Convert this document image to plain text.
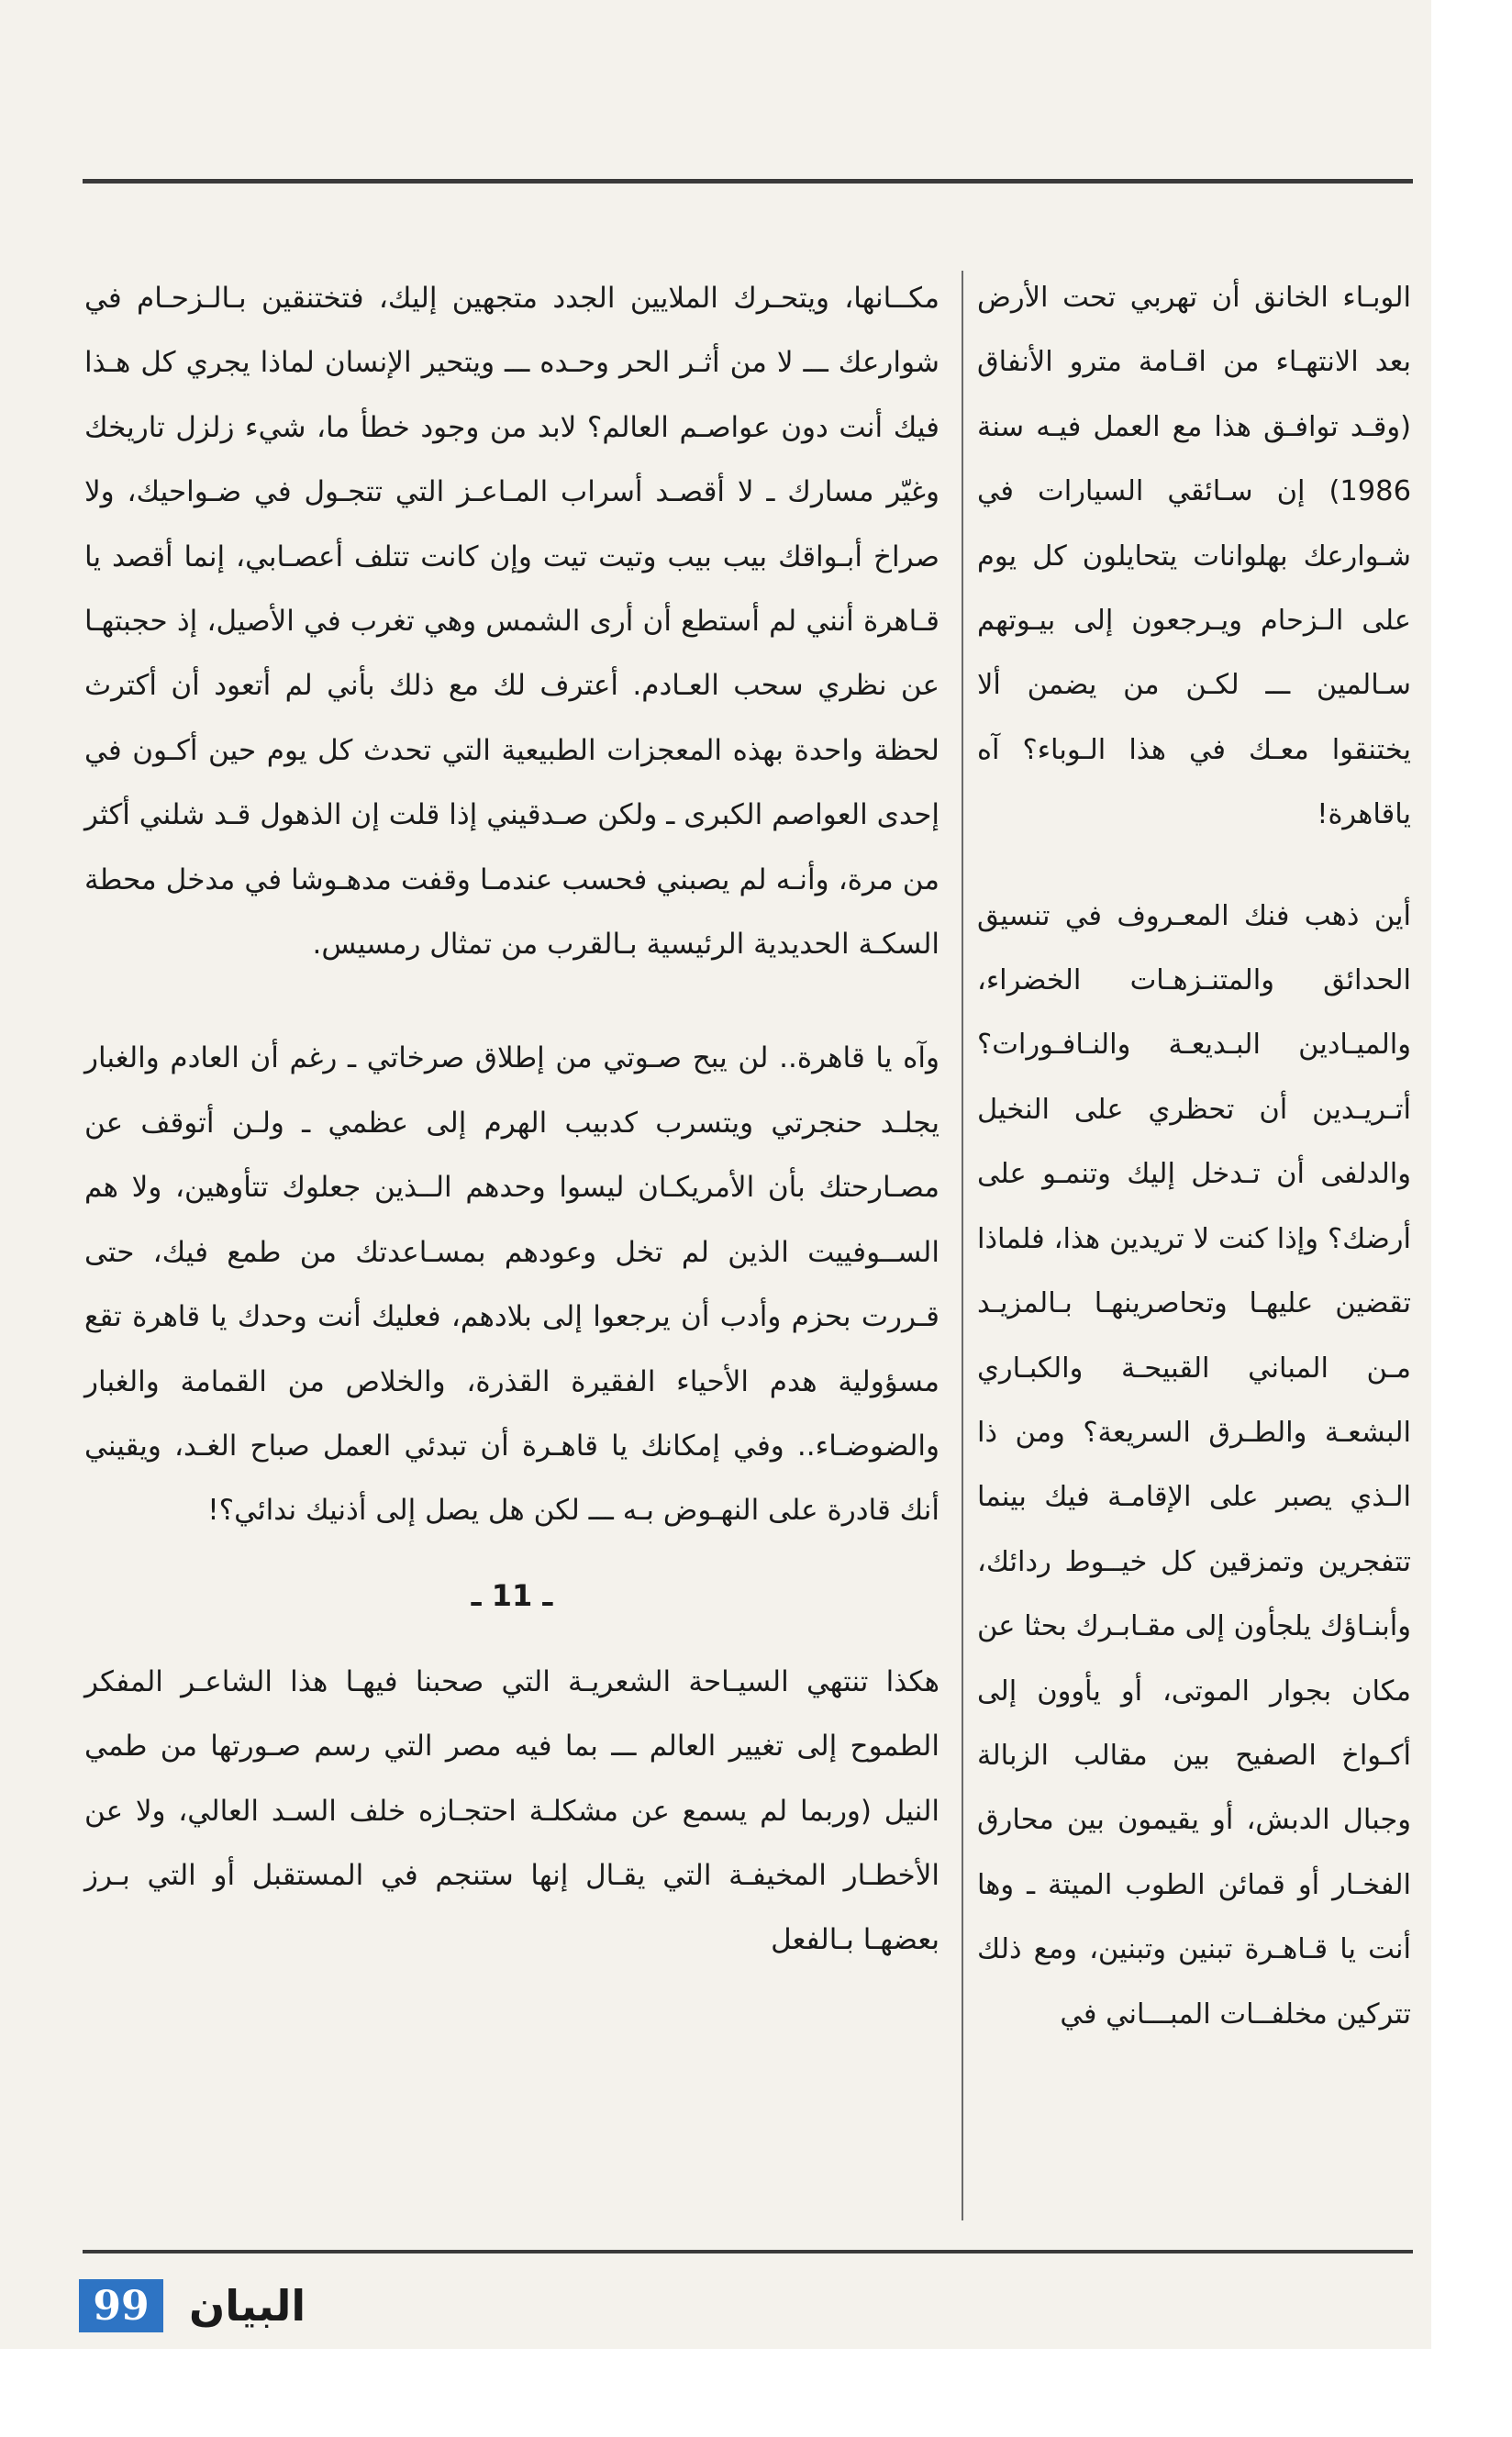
الوبـاء الخانق أن تهربي تحت الأرض بعد الانتهـاء من اقـامة مترو الأنفاق (وقـد توافـق هذا مع العمل فيـه سنة 1986) إن سـائقي السيارات في شـوارعك بهلوانات يتحايلون كل يوم على الـزحام ويـرجعون إلى بيـوتهم سـالمين ـــ لكـن من يضمن ألا يختنقوا معـك في هذا الـوباء؟ آه ياقاهرة!

أين ذهب فنك المعـروف في تنسيق الحدائق والمتنـزهـات الخضراء، والميـادين البـديعـة والنـافـورات؟ أتـريـدين أن تحظري على النخيل والدلفى أن تـدخل إليك وتنمـو على أرضك؟ وإذا كنت لا تريدين هذا، فلماذا تقضين عليهـا وتحاصرينهـا بـالمزيـد مـن المباني القبيحـة والكبـاري البشعـة والطـرق السريعة؟ ومن ذا الـذي يصبر على الإقامـة فيك بينما تتفجرين وتمزقين كل خيــوط ردائك، وأبنـاؤك يلجأون إلى مقـابـرك بحثا عن مكان بجوار الموتى، أو يأوون إلى أكـواخ الصفيح بين مقالب الزبالة وجبال الدبش، أو يقيمون بين محارق الفخـار أو قمائن الطوب الميتة ـ وها أنت يا قـاهـرة تبنين وتبنين، ومع ذلك تتركين مخلفــات المبـــاني في

مكــانها، ويتحـرك الملايين الجدد متجهين إليك، فتختنقين بـالـزحـام في شوارعك ـــ لا من أثـر الحر وحـده ـــ ويتحير الإنسان لماذا يجري كل هـذا فيك أنت دون عواصـم العالم؟ لابد من وجود خطأ ما، شيء زلزل تاريخك وغيّر مسارك ـ لا أقصـد أسراب المـاعـز التي تتجـول في ضـواحيك، ولا صراخ أبـواقك بيب بيب وتيت تيت وإن كانت تتلف أعصـابي، إنما أقصد يا قـاهرة أنني لم أستطع أن أرى الشمس وهي تغرب في الأصيل، إذ حجبتهـا عن نظري سحب العـادم. أعترف لك مع ذلك بأني لم أتعود أن أكترث لحظة واحدة بهذه المعجزات الطبيعية التي تحدث كل يوم حين أكـون في إحدى العواصم الكبرى ـ ولكن صـدقيني إذا قلت إن الذهول قـد شلني أكثر من مرة، وأنـه لم يصبني فحسب عندمـا وقفت مدهـوشا في مدخل محطة السكـة الحديدية الرئيسية بـالقرب من تمثال رمسيس.

وآه يا قاهرة.. لن يبح صـوتي من إطلاق صرخاتي ـ رغم أن العادم والغبار يجلـد حنجرتي ويتسرب كدبيب الهرم إلى عظمي ـ ولـن أتوقف عن مصـارحتك بأن الأمريكـان ليسوا وحدهم الــذين جعلوك تتأوهين، ولا هم الســوفييت الذين لم تخل وعودهم بمسـاعدتك من طمع فيك، حتى قـررت بحزم وأدب أن يرجعوا إلى بلادهم، فعليك أنت وحدك يا قاهرة تقع مسؤولية هدم الأحياء الفقيرة القذرة، والخلاص من القمامة والغبار والضوضـاء.. وفي إمكانك يا قاهـرة أن تبدئي العمل صباح الغـد، ويقيني أنك قادرة على النهـوض بـه ـــ لكن هل يصل إلى أذنيك ندائي؟!

ـ 11 ـ

هكذا تنتهي السيـاحة الشعريـة التي صحبنا فيهـا هذا الشاعـر المفكر الطموح إلى تغيير العالم ـــ بما فيه مصر التي رسم صـورتها من طمي النيل (وربما لم يسمع عن مشكلـة احتجـازه خلف السـد العالي، ولا عن الأخطـار المخيفـة التي يقـال إنها ستنجم في المستقبل أو التي بـرز بعضهـا بـالفعل

99 البيان
